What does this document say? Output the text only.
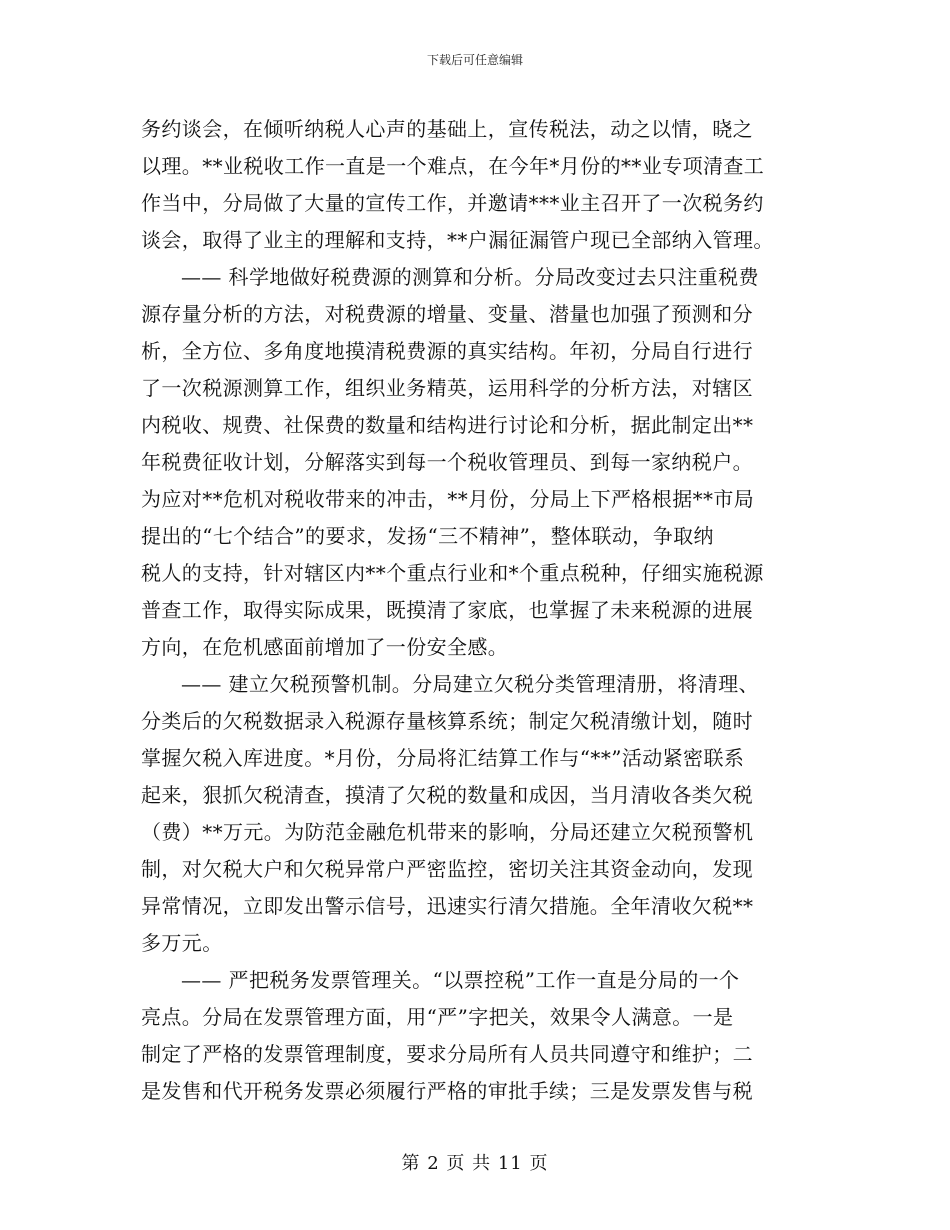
下载后可任意编辑
务约谈会，在倾听纳税人心声的基础上，宣传税法，动之以情，晓之
以理。**业税收工作一直是一个难点，在今年*月份的**业专项清查工
作当中，分局做了大量的宣传工作，并邀请***业主召开了一次税务约
谈会，取得了业主的理解和支持，**户漏征漏管户现已全部纳入管理。
—— 科学地做好税费源的测算和分析。分局改变过去只注重税费
源存量分析的方法，对税费源的增量、变量、潜量也加强了预测和分
析，全方位、多角度地摸清税费源的真实结构。年初，分局自行进行
了一次税源测算工作，组织业务精英，运用科学的分析方法，对辖区
内税收、规费、社保费的数量和结构进行讨论和分析，据此制定出**
年税费征收计划，分解落实到每一个税收管理员、到每一家纳税户。
为应对**危机对税收带来的冲击，**月份，分局上下严格根据**市局
提出的“七个结合”的要求，发扬“三不精神”，整体联动，争取纳
税人的支持，针对辖区内**个重点行业和*个重点税种，仔细实施税源
普查工作，取得实际成果，既摸清了家底，也掌握了未来税源的进展
方向，在危机感面前增加了一份安全感。
—— 建立欠税预警机制。分局建立欠税分类管理清册，将清理、
分类后的欠税数据录入税源存量核算系统；制定欠税清缴计划，随时
掌握欠税入库进度。*月份，分局将汇结算工作与“**”活动紧密联系
起来，狠抓欠税清查，摸清了欠税的数量和成因，当月清收各类欠税
（费）**万元。为防范金融危机带来的影响，分局还建立欠税预警机
制，对欠税大户和欠税异常户严密监控，密切关注其资金动向，发现
异常情况，立即发出警示信号，迅速实行清欠措施。全年清收欠税**
多万元。
—— 严把税务发票管理关。“以票控税”工作一直是分局的一个
亮点。分局在发票管理方面，用“严”字把关，效果令人满意。一是
制定了严格的发票管理制度，要求分局所有人员共同遵守和维护；二
是发售和代开税务发票必须履行严格的审批手续；三是发票发售与税
第 2 页 共 11 页
